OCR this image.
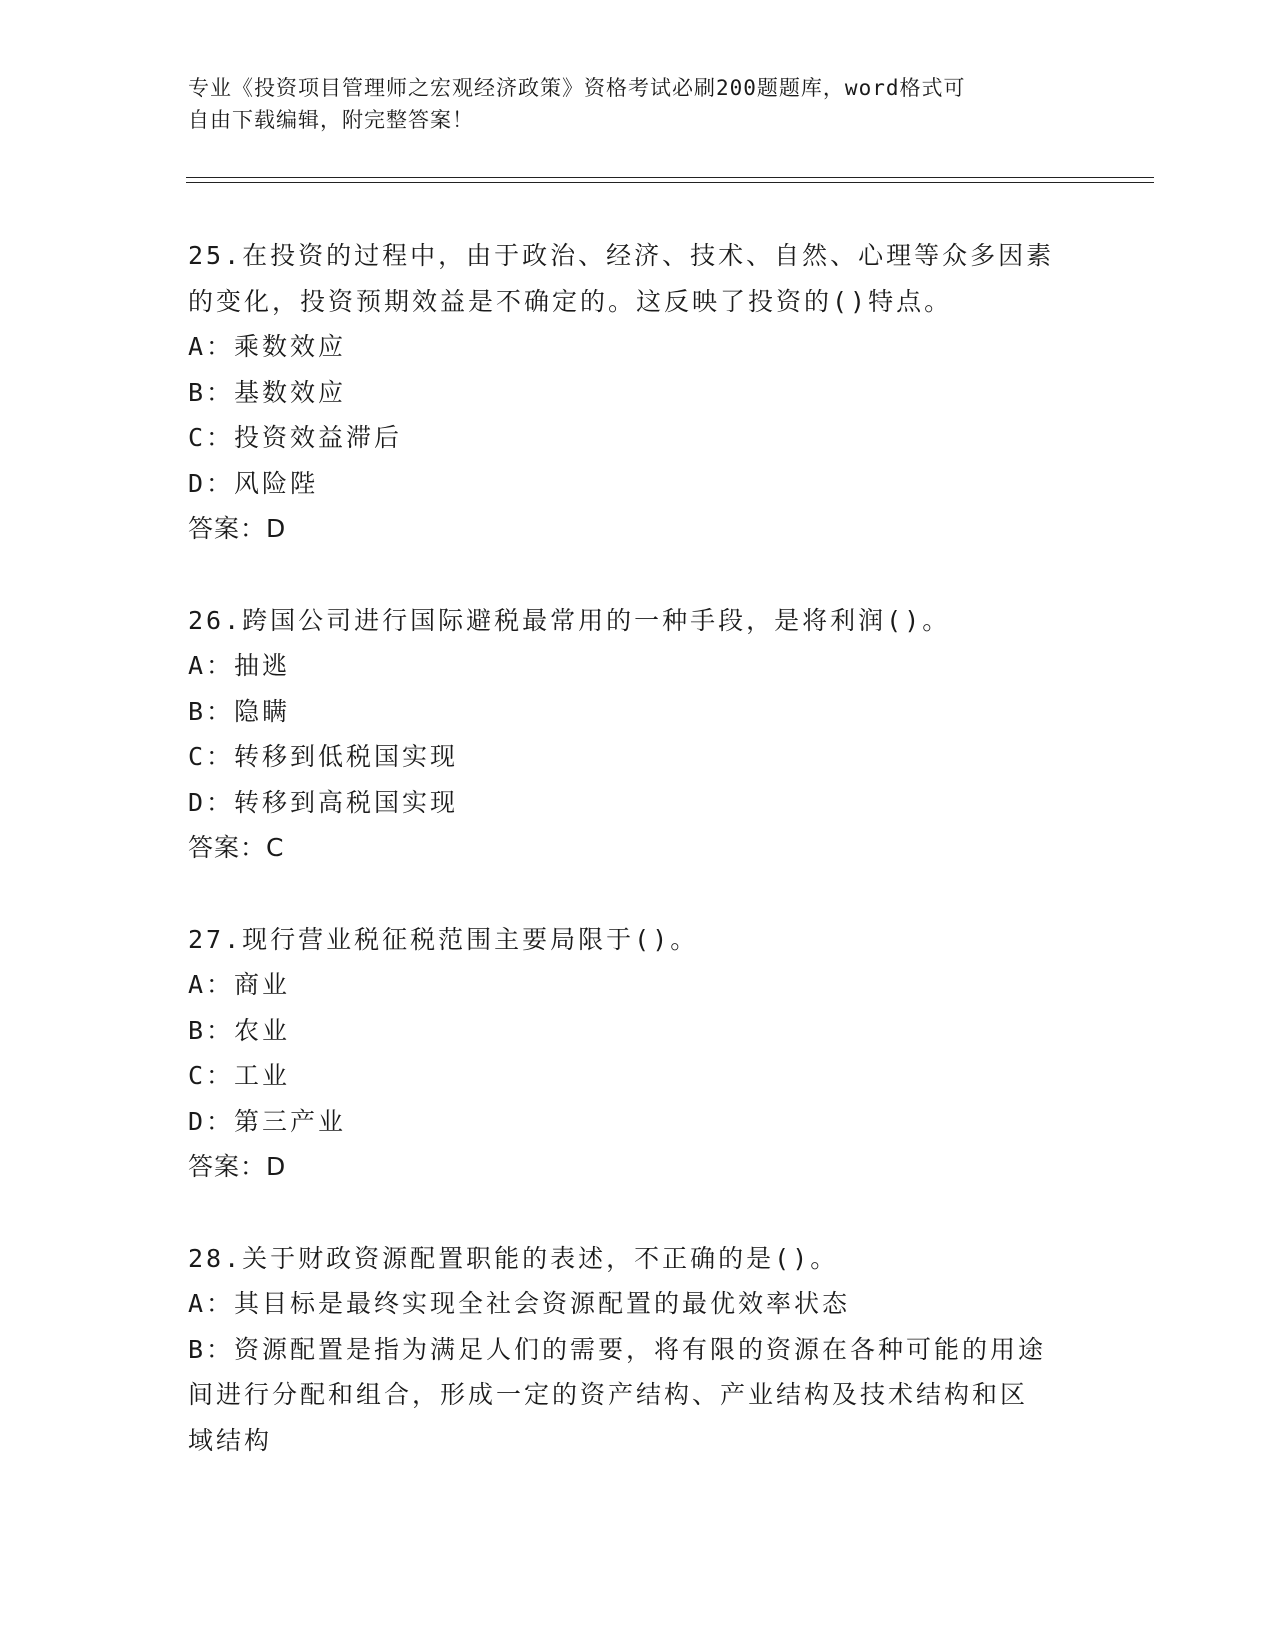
专业《投资项目管理师之宏观经济政策》资格考试必刷200题题库，word格式可
自由下载编辑，附完整答案！
25.在投资的过程中，由于政治、经济、技术、自然、心理等众多因素
的变化，投资预期效益是不确定的。这反映了投资的()特点。
A：乘数效应
B：基数效应
C：投资效益滞后
D：风险陛
答案：D
26.跨国公司进行国际避税最常用的一种手段，是将利润()。
A：抽逃
B：隐瞒
C：转移到低税国实现
D：转移到高税国实现
答案：C
27.现行营业税征税范围主要局限于()。
A：商业
B：农业
C：工业
D：第三产业
答案：D
28.关于财政资源配置职能的表述，不正确的是()。
A：其目标是最终实现全社会资源配置的最优效率状态
B：资源配置是指为满足人们的需要，将有限的资源在各种可能的用途
间进行分配和组合，形成一定的资产结构、产业结构及技术结构和区
域结构
